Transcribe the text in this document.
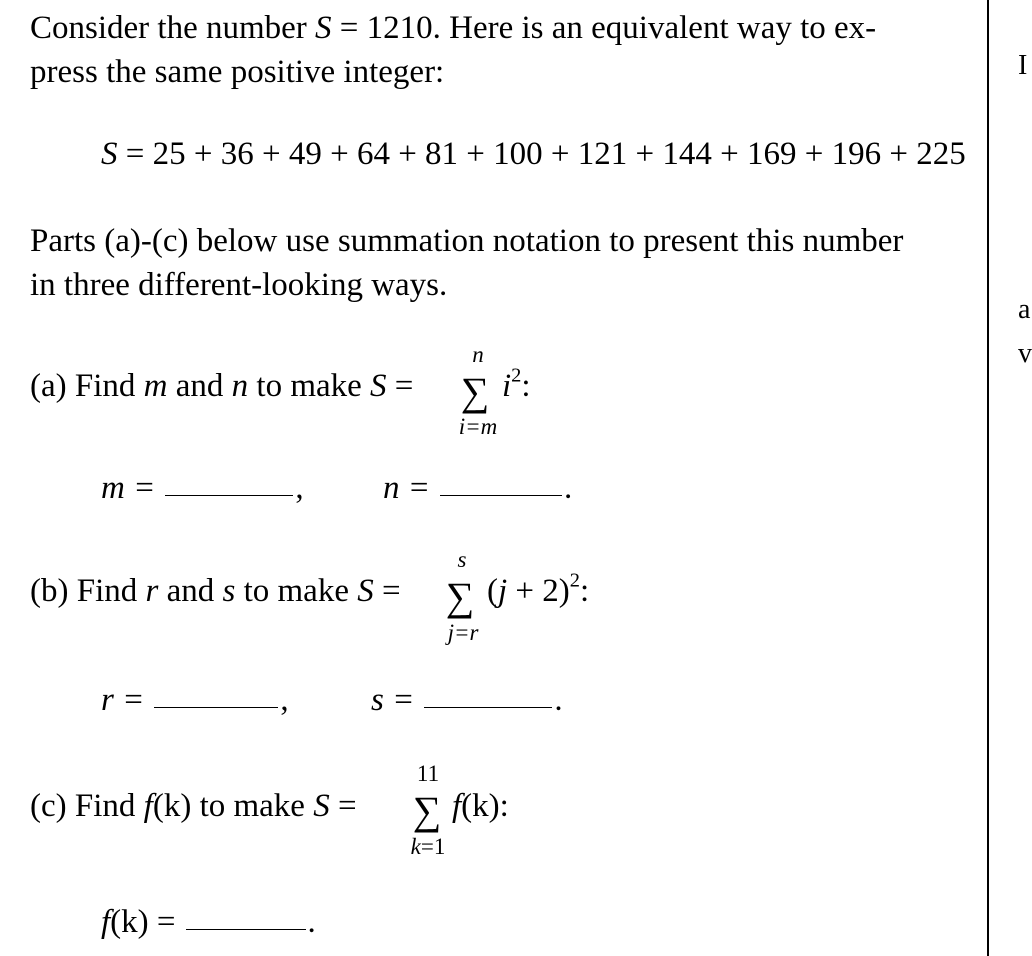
Consider the number S = 1210. Here is an equivalent way to ex-
press the same positive integer:
S = 25 + 36 + 49 + 64 + 81 + 100 + 121 + 144 + 169 + 196 + 225
Parts (a)-(c) below use summation notation to present this number
in three different-looking ways.
(a) Find m and n to make S =
n
∑
i=m
$i^2$:
m =	, n =	.
(b) Find r and s to make S =
s
∑
j=r
$(j + 2)^2$:
r =	, s =	.
(c) Find f(k) to make S =
11
∑
k=1
f(k):
f(k) =	.
I
a
v
